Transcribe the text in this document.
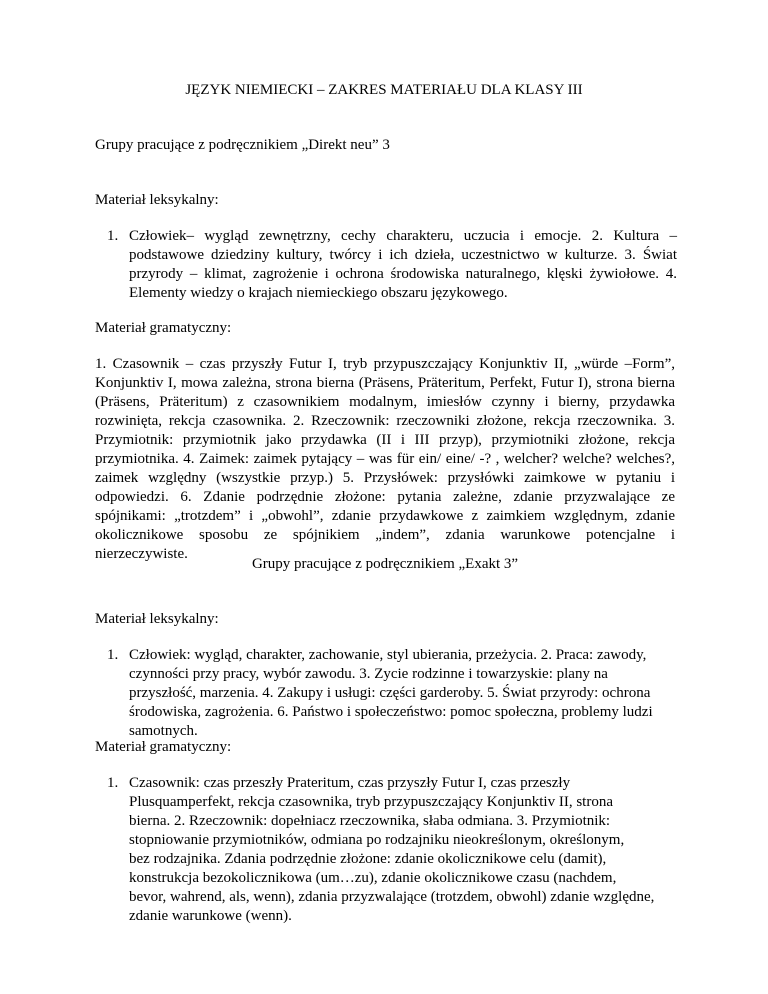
JĘZYK NIEMIECKI – ZAKRES MATERIAŁU DLA KLASY III

Grupy pracujące z podręcznikiem „Direkt neu” 3

Materiał leksykalny:

1. Człowiek– wygląd zewnętrzny, cechy charakteru, uczucia i emocje. 2. Kultura – podstawowe dziedziny kultury, twórcy i ich dzieła, uczestnictwo w kulturze. 3. Świat przyrody – klimat, zagrożenie i ochrona środowiska naturalnego, klęski żywiołowe. 4. Elementy wiedzy o krajach niemieckiego obszaru językowego.

Materiał gramatyczny:

1. Czasownik – czas przyszły Futur I, tryb przypuszczający Konjunktiv II, „würde –Form”, Konjunktiv I, mowa zależna, strona bierna (Präsens, Präteritum, Perfekt, Futur I), strona bierna (Präsens, Präteritum) z czasownikiem modalnym, imiesłów czynny i bierny, przydawka rozwinięta, rekcja czasownika. 2. Rzeczownik: rzeczowniki złożone, rekcja rzeczownika. 3. Przymiotnik: przymiotnik jako przydawka (II i III przyp), przymiotniki złożone, rekcja przymiotnika. 4. Zaimek: zaimek pytający – was für ein/ eine/ -? , welcher? welche? welches?, zaimek względny (wszystkie przyp.) 5. Przysłówek: przysłówki zaimkowe w pytaniu i odpowiedzi. 6. Zdanie podrzędnie złożone: pytania zależne, zdanie przyzwalające ze spójnikami: „trotzdem” i „obwohl”, zdanie przydawkowe z zaimkiem względnym, zdanie okolicznikowe sposobu ze spójnikiem „indem”, zdania warunkowe potencjalne i nierzeczywiste.

Grupy pracujące z podręcznikiem „Exakt 3”

Materiał leksykalny:

1. Człowiek: wygląd, charakter, zachowanie, styl ubierania, przeżycia. 2. Praca: zawody,
czynności przy pracy, wybór zawodu. 3. Zycie rodzinne i towarzyskie: plany na
przyszłość, marzenia. 4. Zakupy i usługi: części garderoby. 5. Świat przyrody: ochrona
środowiska, zagrożenia. 6. Państwo i społeczeństwo: pomoc społeczna, problemy ludzi
samotnych.

Materiał gramatyczny:

1. Czasownik: czas przeszły Prateritum, czas przyszły Futur I, czas przeszły
Plusquamperfekt, rekcja czasownika, tryb przypuszczający Konjunktiv II, strona
bierna. 2. Rzeczownik: dopełniacz rzeczownika, słaba odmiana. 3. Przymiotnik:
stopniowanie przymiotników, odmiana po rodzajniku nieokreślonym, określonym,
bez rodzajnika. Zdania podrzędnie złożone: zdanie okolicznikowe celu (damit),
konstrukcja bezokolicznikowa (um…zu), zdanie okolicznikowe czasu (nachdem,
bevor, wahrend, als, wenn), zdania przyzwalające (trotzdem, obwohl) zdanie względne,
zdanie warunkowe (wenn).
